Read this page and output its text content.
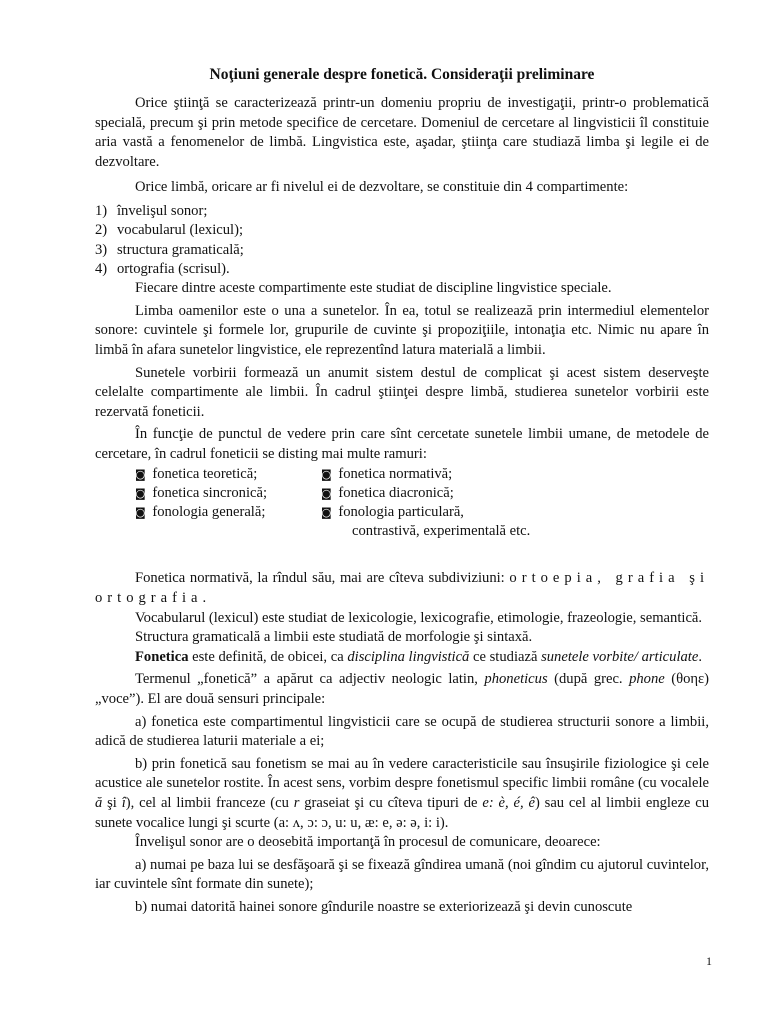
Noţiuni generale despre fonetică. Consideraţii preliminare

Orice ştiinţă se caracterizează printr-un domeniu propriu de investigaţii, printr-o problematică specială, precum şi prin metode specifice de cercetare. Domeniul de cercetare al lingvisticii îl constituie aria vastă a fenomenelor de limbă. Lingvistica este, aşadar, ştiinţa care studiază limba şi legile ei de dezvoltare.

Orice limbă, oricare ar fi nivelul ei de dezvoltare, se constituie din 4 compartimente:

1) învelişul sonor;
2) vocabularul (lexicul);
3) structura gramaticală;
4) ortografia (scrisul).

Fiecare dintre aceste compartimente este studiat de discipline lingvistice speciale.

Limba oamenilor este o una a sunetelor. În ea, totul se realizează prin intermediul elementelor sonore: cuvintele şi formele lor, grupurile de cuvinte şi propoziţiile, intonaţia etc. Nimic nu apare în limbă în afara sunetelor lingvistice, ele reprezentînd latura materială a limbii.

Sunetele vorbirii formează un anumit sistem destul de complicat şi acest sistem deserveşte celelalte compartimente ale limbii. În cadrul ştiinţei despre limbă, studierea sunetelor vorbirii este rezervată foneticii.

În funcţie de punctul de vedere prin care sînt cercetate sunetele limbii umane, de metodele de cercetare, în cadrul foneticii se disting mai multe ramuri:

◙ fonetica teoretică;	◙ fonetica normativă;
◙ fonetica sincronică;	◙ fonetica diacronică;
◙ fonologia generală;	◙ fonologia particulară,
contrastivă, experimentală etc.

Fonetica normativă, la rîndul său, mai are cîteva subdiviziuni: ortoepia, grafia şi ortografia.

Vocabularul (lexicul) este studiat de lexicologie, lexicografie, etimologie, frazeologie, semantică.

Structura gramaticală a limbii este studiată de morfologie şi sintaxă.

Fonetica este definită, de obicei, ca disciplina lingvistică ce studiază sunetele vorbite/ articulate.

Termenul „fonetică” a apărut ca adjectiv neologic latin, phoneticus (după grec. phone (θοηε) „voce”). El are două sensuri principale:

a) fonetica este compartimentul lingvisticii care se ocupă de studierea structurii sonore a limbii, adică de studierea laturii materiale a ei;

b) prin fonetică sau fonetism se mai au în vedere caracteristicile sau însuşirile fiziologice şi cele acustice ale sunetelor rostite. În acest sens, vorbim despre fonetismul specific limbii române (cu vocalele ă şi î), cel al limbii franceze (cu r graseiat şi cu cîteva tipuri de e: è, é, ê) sau cel al limbii engleze cu sunete vocalice lungi şi scurte (a: ʌ, ɔ: ɔ, u: u, æ: e, ə: ə, i: i).

Învelişul sonor are o deosebită importanţă în procesul de comunicare, deoarece:

a) numai pe baza lui se desfăşoară şi se fixează gîndirea umană (noi gîndim cu ajutorul cuvintelor, iar cuvintele sînt formate din sunete);

b) numai datorită hainei sonore gîndurile noastre se exteriorizează şi devin cunoscute

1
